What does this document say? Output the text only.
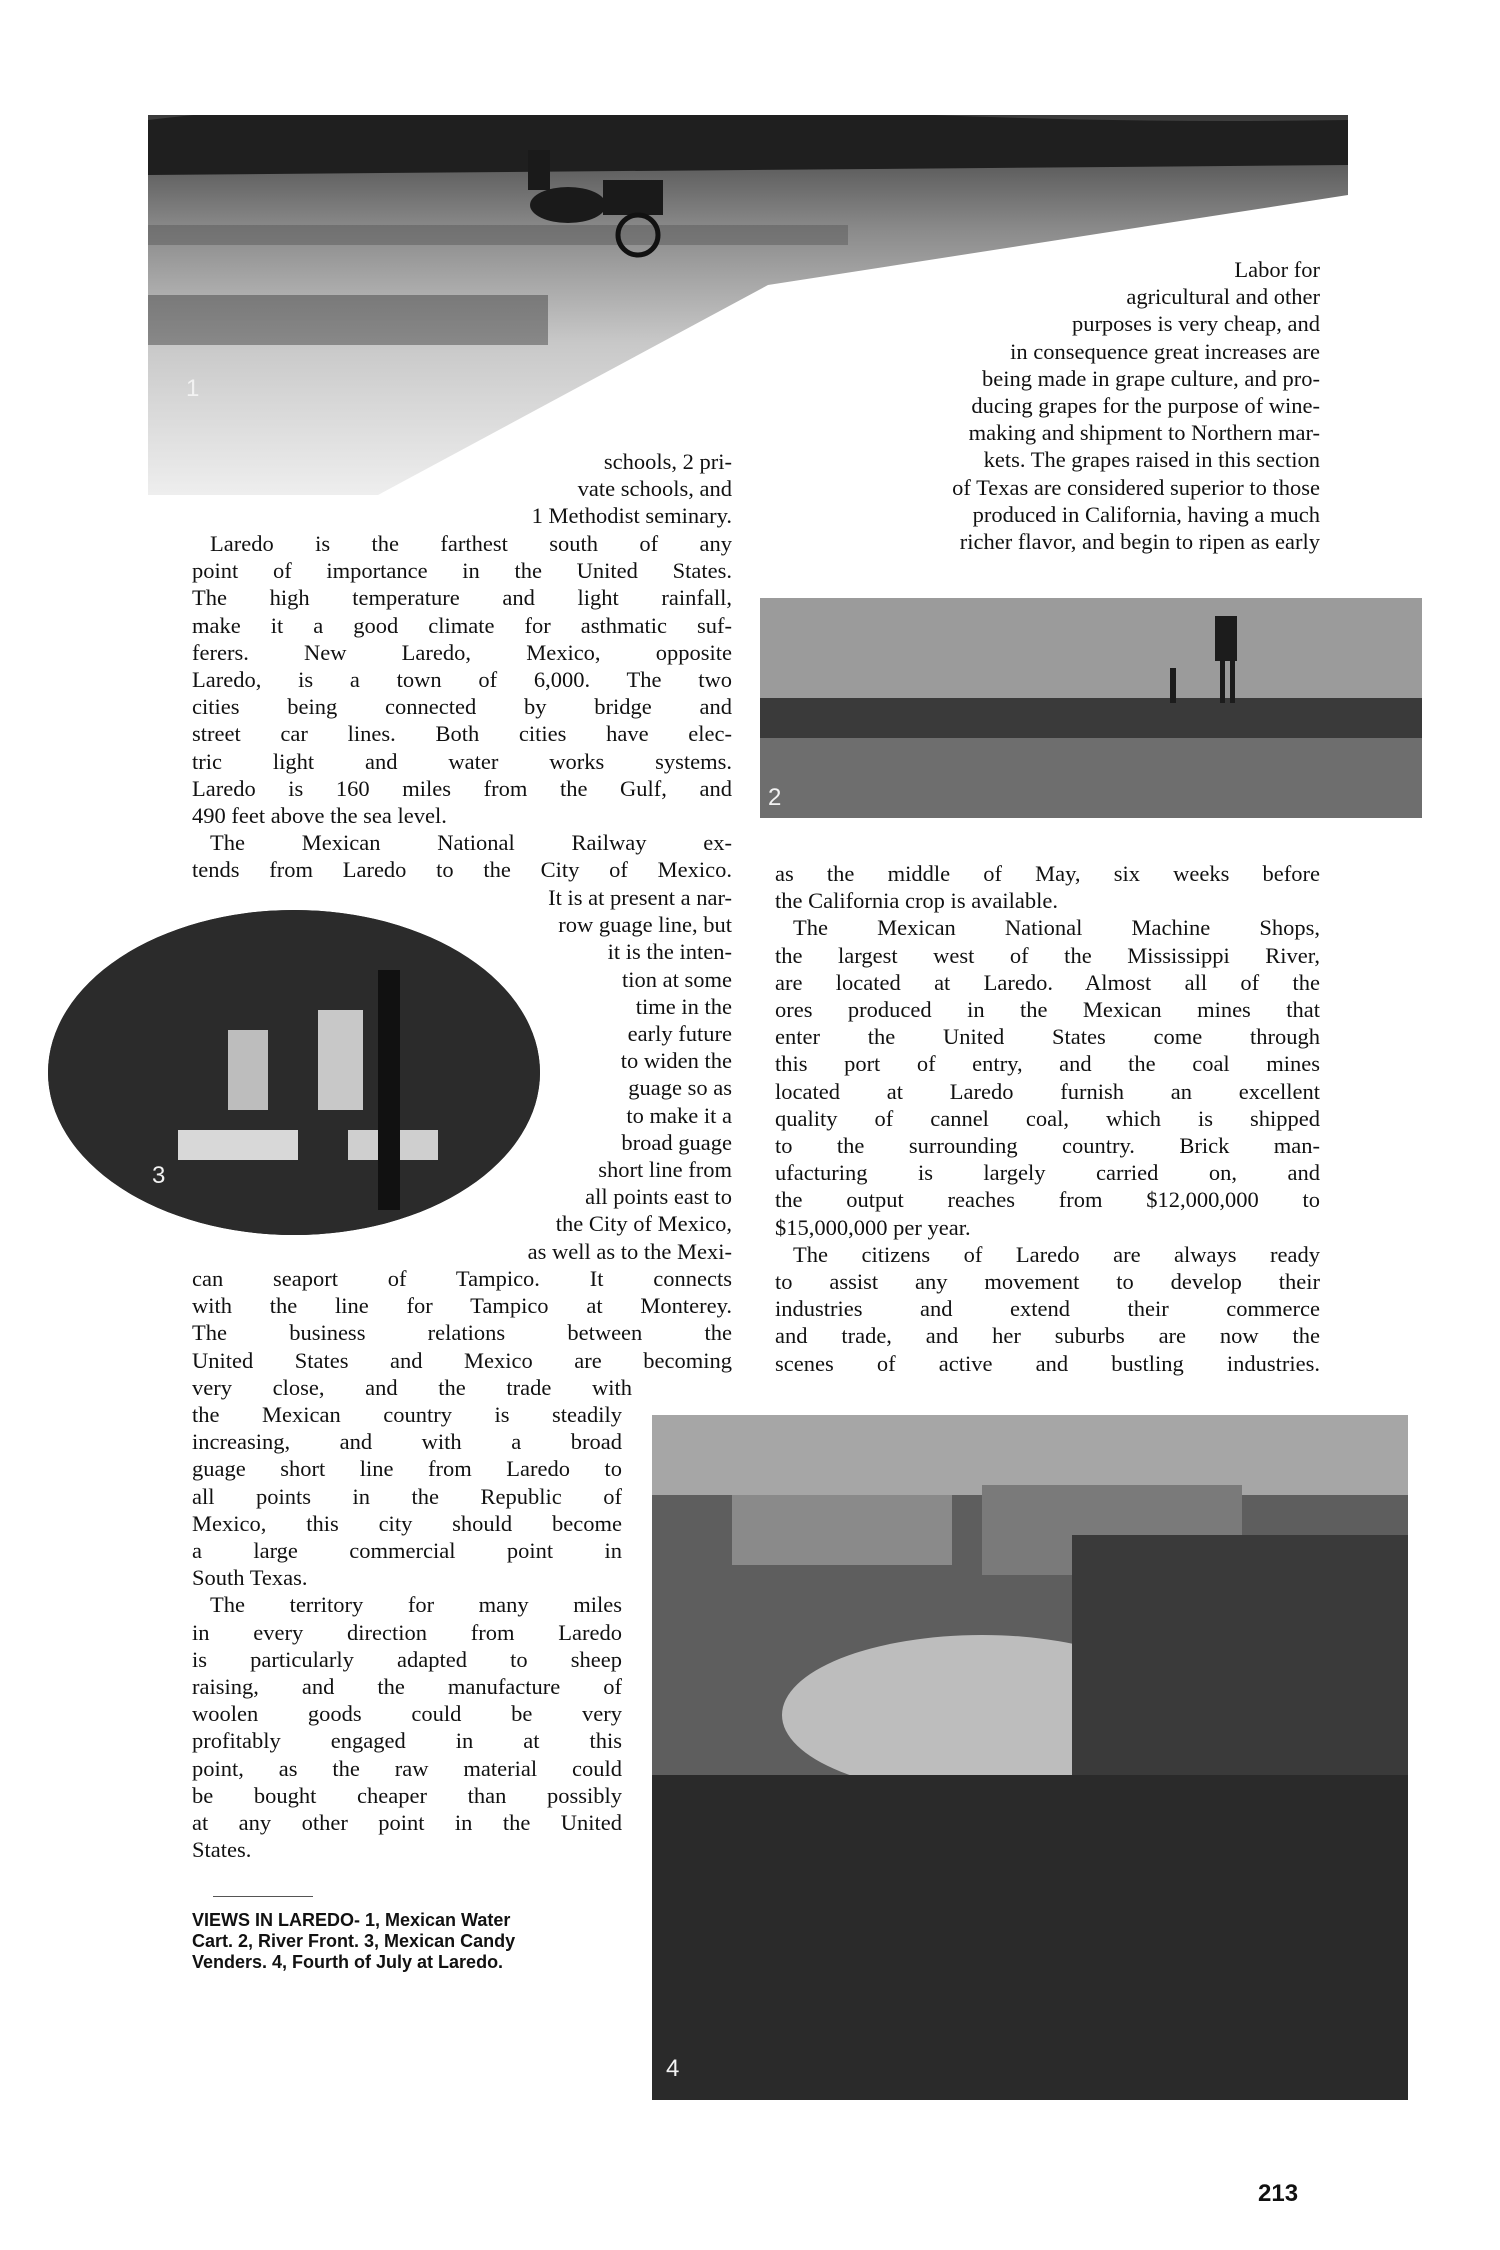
1
2
3
4
Labor for
agricultural and other
purposes is very cheap, and
in consequence great increases are
being made in grape culture, and pro-
ducing grapes for the purpose of wine-
making and shipment to Northern mar-
kets. The grapes raised in this section
of Texas are considered superior to those
produced in California, having a much
richer flavor, and begin to ripen as early
schools, 2 pri-
vate schools, and
1 Methodist seminary.
Laredo is the farthest south of any
point of importance in the United States.
The high temperature and light rainfall,
make it a good climate for asthmatic suf-
ferers. New Laredo, Mexico, opposite
Laredo, is a town of 6,000. The two
cities being connected by bridge and
street car lines. Both cities have elec-
tric light and water works systems.
Laredo is 160 miles from the Gulf, and
490 feet above the sea level.
The Mexican National Railway ex-
tends from Laredo to the City of Mexico.
It is at present a nar-
row guage line, but
it is the inten-
tion at some
time in the
early future
to widen the
guage so as
to make it a
broad guage
short line from
all points east to
the City of Mexico,
as well as to the Mexi-
can seaport of Tampico. It connects
with the line for Tampico at Monterey.
The business relations between the
United States and Mexico are becoming
very close, and the trade with
the Mexican country is steadily
increasing, and with a broad
guage short line from Laredo to
all points in the Republic of
Mexico, this city should become
a large commercial point in
South Texas.
The territory for many miles
in every direction from Laredo
is particularly adapted to sheep
raising, and the manufacture of
woolen goods could be very
profitably engaged in at this
point, as the raw material could
be bought cheaper than possibly
at any other point in the United
States.
as the middle of May, six weeks before
the California crop is available.
The Mexican National Machine Shops,
the largest west of the Mississippi River,
are located at Laredo. Almost all of the
ores produced in the Mexican mines that
enter the United States come through
this port of entry, and the coal mines
located at Laredo furnish an excellent
quality of cannel coal, which is shipped
to the surrounding country. Brick man-
ufacturing is largely carried on, and
the output reaches from $12,000,000 to
$15,000,000 per year.
The citizens of Laredo are always ready
to assist any movement to develop their
industries and extend their commerce
and trade, and her suburbs are now the
scenes of active and bustling industries.
VIEWS IN LAREDO- 1, Mexican Water
Cart. 2, River Front. 3, Mexican Candy
Venders. 4, Fourth of July at Laredo.
213
